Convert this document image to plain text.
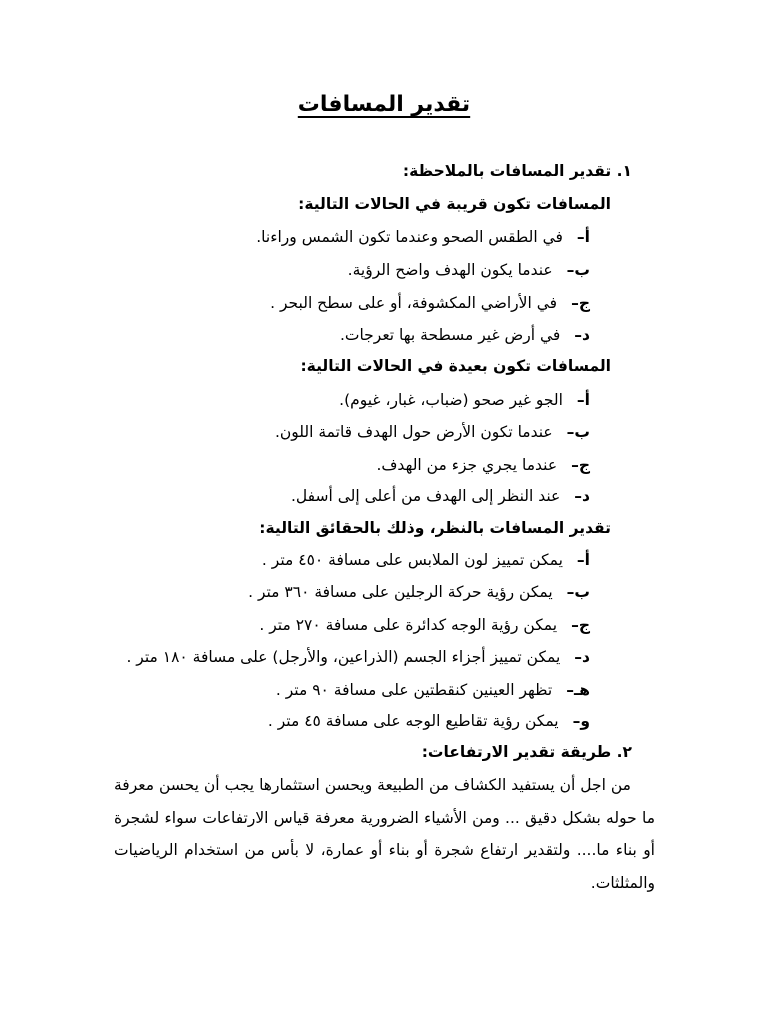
تقدير المسافات
١. تقدير المسافات بالملاحظة:
المسافات تكون قريبة في الحالات التالية:
أ–في الطقس الصحو وعندما تكون الشمس وراءنا.
ب–عندما يكون الهدف واضح الرؤية.
ج–في الأراضي المكشوفة، أو على سطح البحر .
د–في أرض غير مسطحة بها تعرجات.
المسافات تكون بعيدة في الحالات التالية:
أ–الجو غير صحو (ضباب، غبار، غيوم).
ب–عندما تكون الأرض حول الهدف قاتمة اللون.
ج–عندما يجري جزء من الهدف.
د–عند النظر إلى الهدف من أعلى إلى أسفل.
تقدير المسافات بالنظر، وذلك بالحقائق التالية:
أ–يمكن تمييز لون الملابس على مسافة ٤٥٠ متر .
ب–يمكن رؤية حركة الرجلين على مسافة ٣٦٠ متر .
ج–يمكن رؤية الوجه كدائرة على مسافة ٢٧٠ متر .
د–يمكن تمييز أجزاء الجسم (الذراعين، والأرجل) على مسافة ١٨٠ متر .
هـ–تظهر العينين كنقطتين على مسافة ٩٠ متر .
و–يمكن رؤية تقاطيع الوجه على مسافة ٤٥ متر .
٢. طريقة تقدير الارتفاعات:

من اجل أن يستفيد الكشاف من الطبيعة ويحسن استثمارها يجب أن يحسن معرفة ما حوله بشكل دقيق ... ومن الأشياء الضرورية معرفة قياس الارتفاعات سواء لشجرة أو بناء ما.... ولتقدير ارتفاع شجرة أو بناء أو عمارة، لا بأس من استخدام الرياضيات والمثلثات.
